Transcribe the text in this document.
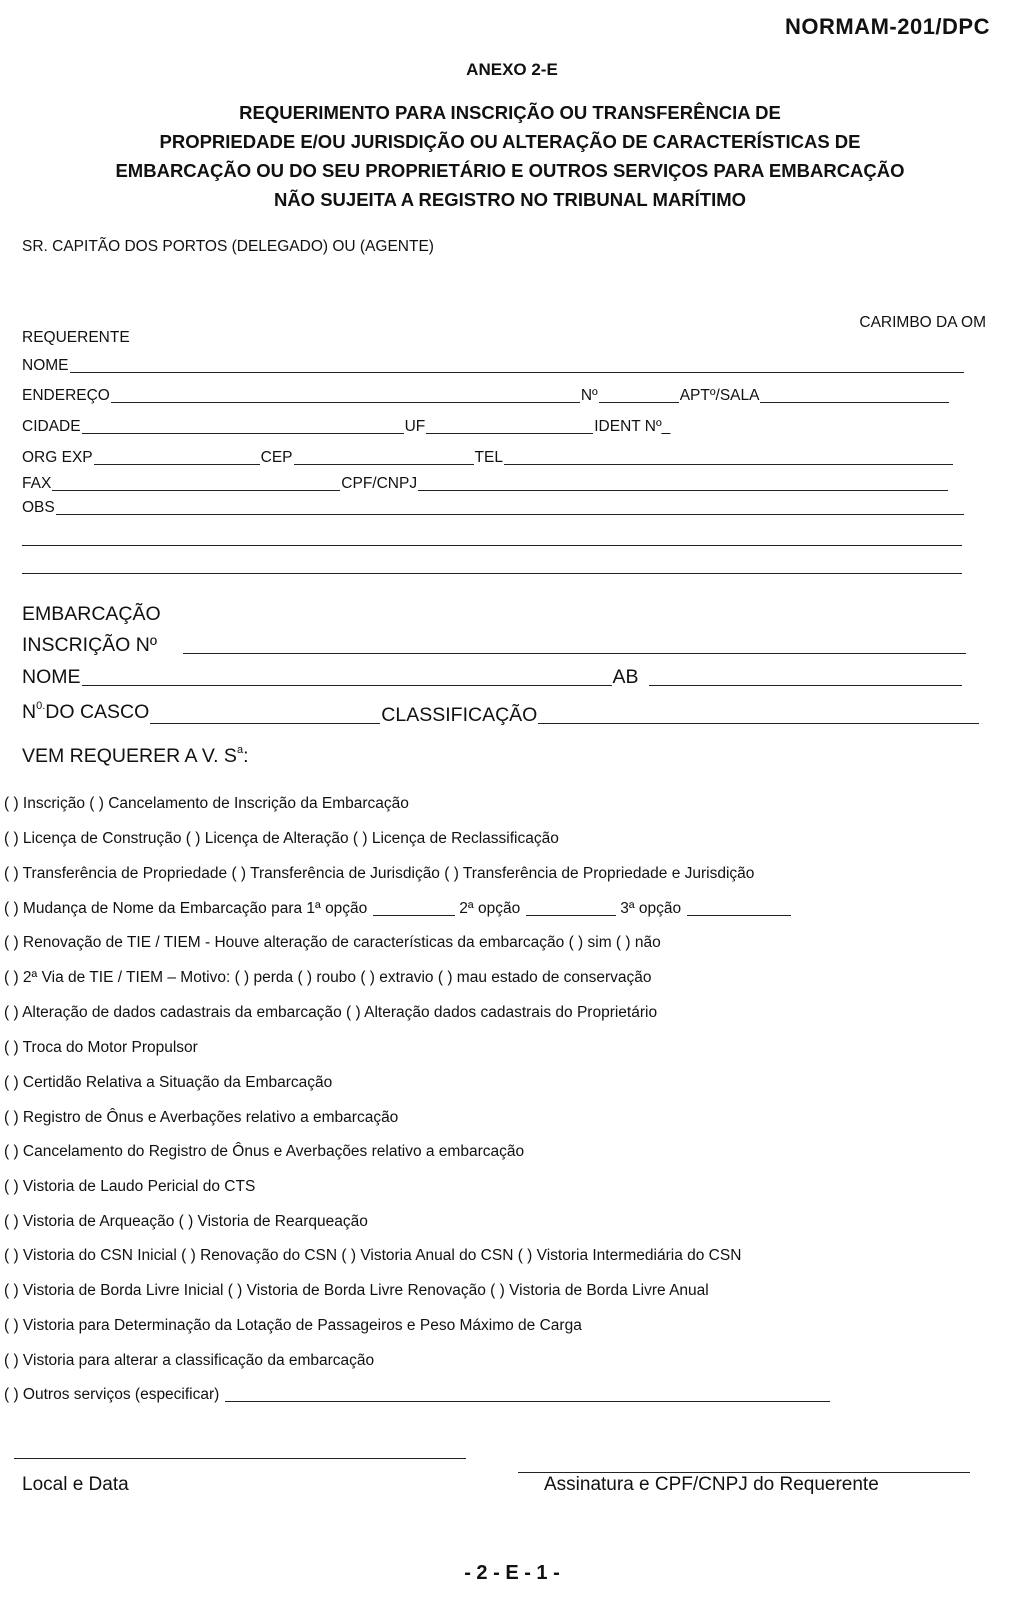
NORMAM-201/DPC
ANEXO 2-E
REQUERIMENTO PARA INSCRIÇÃO OU TRANSFERÊNCIA DE
PROPRIEDADE E/OU JURISDIÇÃO OU ALTERAÇÃO DE CARACTERÍSTICAS DE
EMBARCAÇÃO OU DO SEU PROPRIETÁRIO E OUTROS SERVIÇOS PARA EMBARCAÇÃO
NÃO SUJEITA A REGISTRO NO TRIBUNAL MARÍTIMO
SR. CAPITÃO DOS PORTOS (DELEGADO) OU (AGENTE)
CARIMBO DA OM
REQUERENTE
NOME
ENDEREÇO	Nº	APTº/SALA
CIDADE	UF	IDENT Nº_
ORG EXP	CEP	TEL
FAX	CPF/CNPJ
OBS
EMBARCAÇÃO
INSCRIÇÃO Nº
NOME	AB
$N^{0.}DO$ CASCO	CLASSIFICAÇÃO
VEM REQUERER A V. $S^a$:
( ) Inscrição ( ) Cancelamento de Inscrição da Embarcação
( ) Licença de Construção ( ) Licença de Alteração ( ) Licença de Reclassificação
( ) Transferência de Propriedade ( ) Transferência de Jurisdição ( ) Transferência de Propriedade e Jurisdição
( ) Mudança de Nome da Embarcação para 1ª opção	2ª opção	3ª opção
( ) Renovação de TIE / TIEM - Houve alteração de características da embarcação ( ) sim ( ) não
( ) 2ª Via de TIE / TIEM – Motivo: ( ) perda ( ) roubo ( ) extravio ( ) mau estado de conservação
( ) Alteração de dados cadastrais da embarcação ( ) Alteração dados cadastrais do Proprietário
( ) Troca do Motor Propulsor
( ) Certidão Relativa a Situação da Embarcação
( ) Registro de Ônus e Averbações relativo a embarcação
( ) Cancelamento do Registro de Ônus e Averbações relativo a embarcação
( ) Vistoria de Laudo Pericial do CTS
( ) Vistoria de Arqueação ( ) Vistoria de Rearqueação
( ) Vistoria do CSN Inicial ( ) Renovação do CSN ( ) Vistoria Anual do CSN ( ) Vistoria Intermediária do CSN
( ) Vistoria de Borda Livre Inicial ( ) Vistoria de Borda Livre Renovação ( ) Vistoria de Borda Livre Anual
( ) Vistoria para Determinação da Lotação de Passageiros e Peso Máximo de Carga
( ) Vistoria para alterar a classificação da embarcação
( ) Outros serviços (especificar)
Local e Data	Assinatura e CPF/CNPJ do Requerente
- 2 - E - 1 -
